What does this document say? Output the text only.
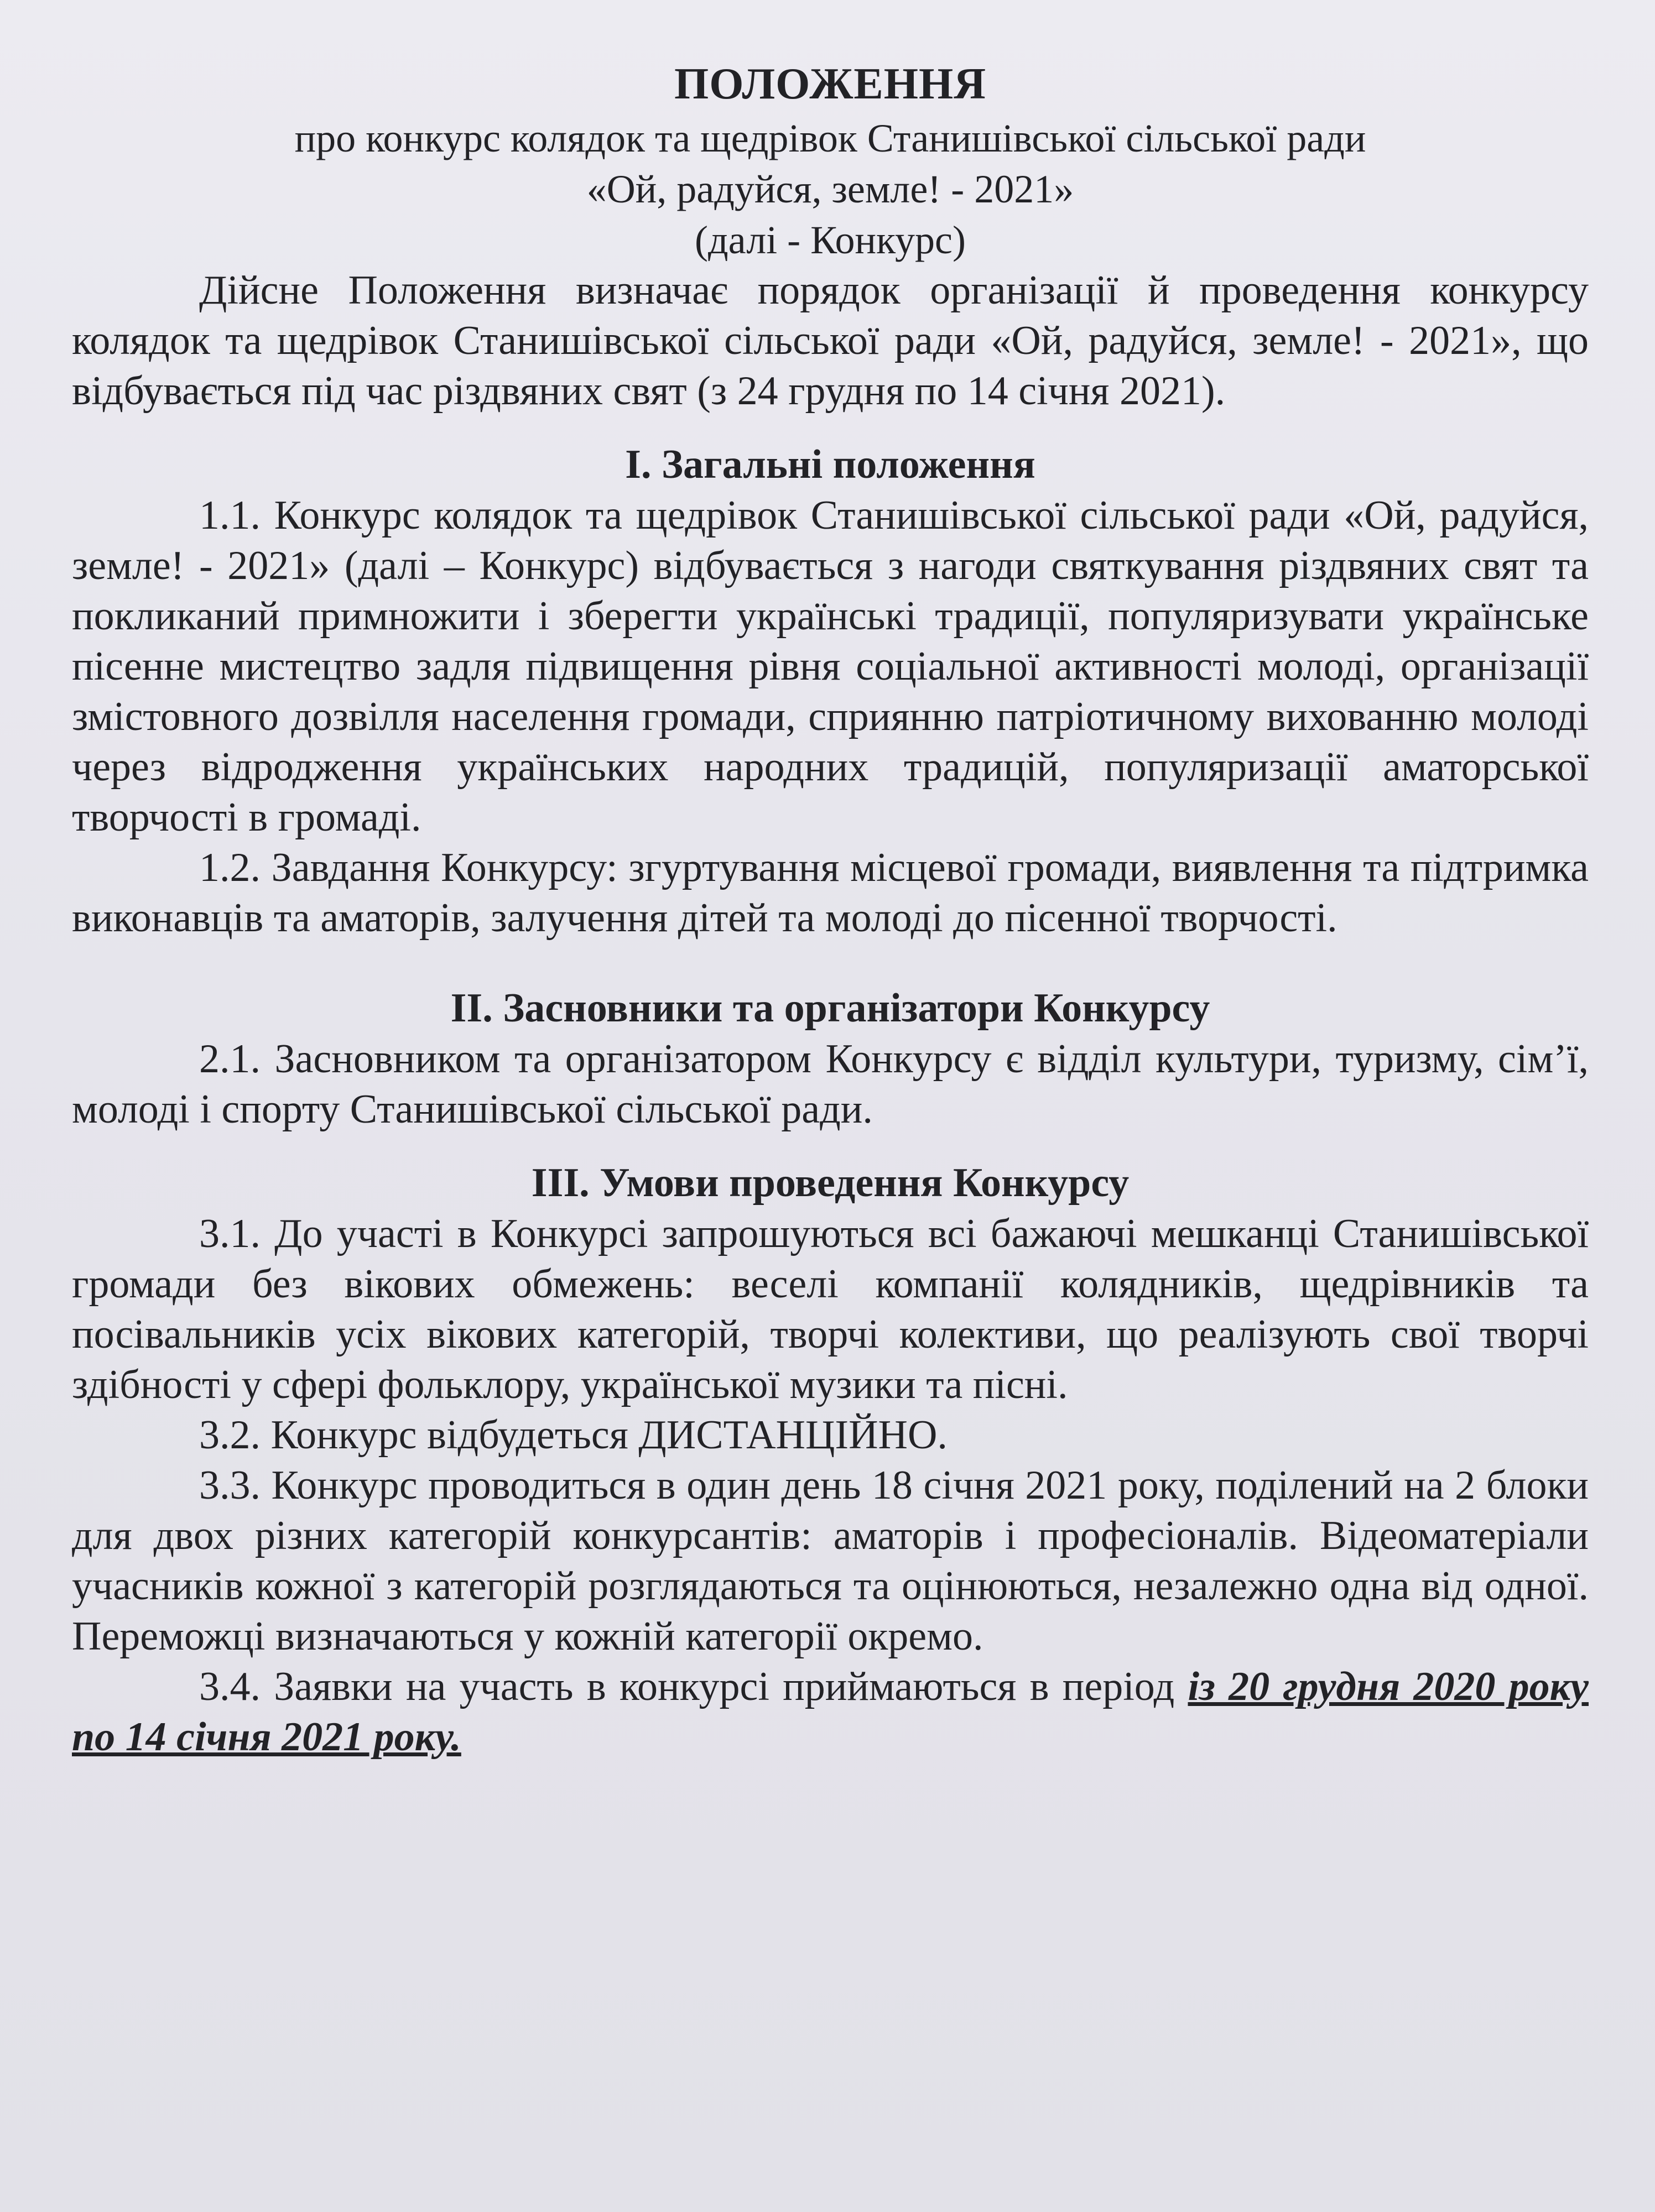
ПОЛОЖЕННЯ

про конкурс колядок та щедрівок Станишівської сільської ради

«Ой, радуйся, земле! - 2021»

(далі - Конкурс)

Дійсне Положення визначає порядок організації й проведення конкурсу колядок та щедрівок Станишівської сільської ради «Ой, радуйся, земле! - 2021», що відбувається під час різдвяних свят (з 24 грудня по 14 січня 2021).

І. Загальні положення

1.1. Конкурс колядок та щедрівок Станишівської сільської ради «Ой, радуйся, земле! - 2021» (далі – Конкурс) відбувається з нагоди святкування різдвяних свят та покликаний примножити і зберегти українські традиції, популяризувати українське пісенне мистецтво задля підвищення рівня соціальної активності молоді, організації змістовного дозвілля населення громади, сприянню патріотичному вихованню молоді через відродження українських народних традицій, популяризації аматорської творчості в громаді.

1.2. Завдання Конкурсу: згуртування місцевої громади, виявлення та підтримка виконавців та аматорів, залучення дітей та молоді до пісенної творчості.

ІІ. Засновники та організатори Конкурсу

2.1. Засновником та організатором Конкурсу є відділ культури, туризму, сім’ї, молоді і спорту Станишівської сільської ради.

ІІІ. Умови проведення Конкурсу

3.1. До участі в Конкурсі запрошуються всі бажаючі мешканці Станишівської громади без вікових обмежень: веселі компанії колядників, щедрівників та посівальників усіх вікових категорій, творчі колективи, що реалізують свої творчі здібності у сфері фольклору, української музики та пісні.

3.2. Конкурс відбудеться ДИСТАНЦІЙНО.

3.3. Конкурс проводиться в один день 18 січня 2021 року, поділений на 2 блоки для двох різних категорій конкурсантів: аматорів і професіоналів. Відеоматеріали учасників кожної з категорій розглядаються та оцінюються, незалежно одна від одної. Переможці визначаються у кожній категорії окремо.

3.4. Заявки на участь в конкурсі приймаються в період із 20 грудня 2020 року по 14 січня 2021 року.
